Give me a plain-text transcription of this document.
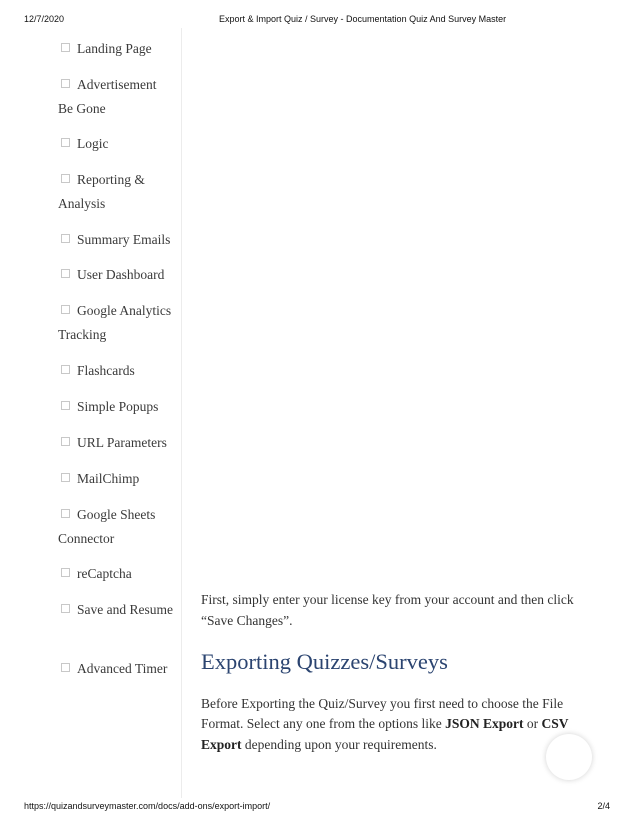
12/7/2020	Export & Import Quiz / Survey - Documentation Quiz And Survey Master
Landing Page
Advertisement Be Gone
Logic
Reporting & Analysis
Summary Emails
User Dashboard
Google Analytics Tracking
Flashcards
Simple Popups
URL Parameters
MailChimp
Google Sheets Connector
reCaptcha
Save and Resume
Advanced Timer

First, simply enter your license key from your account and then click “Save Changes”.

Exporting Quizzes/Surveys

Before Exporting the Quiz/Survey you first need to choose the File Format. Select any one from the options like JSON Export or CSV Export depending upon your requirements.

https://quizandsurveymaster.com/docs/add-ons/export-import/	2/4
